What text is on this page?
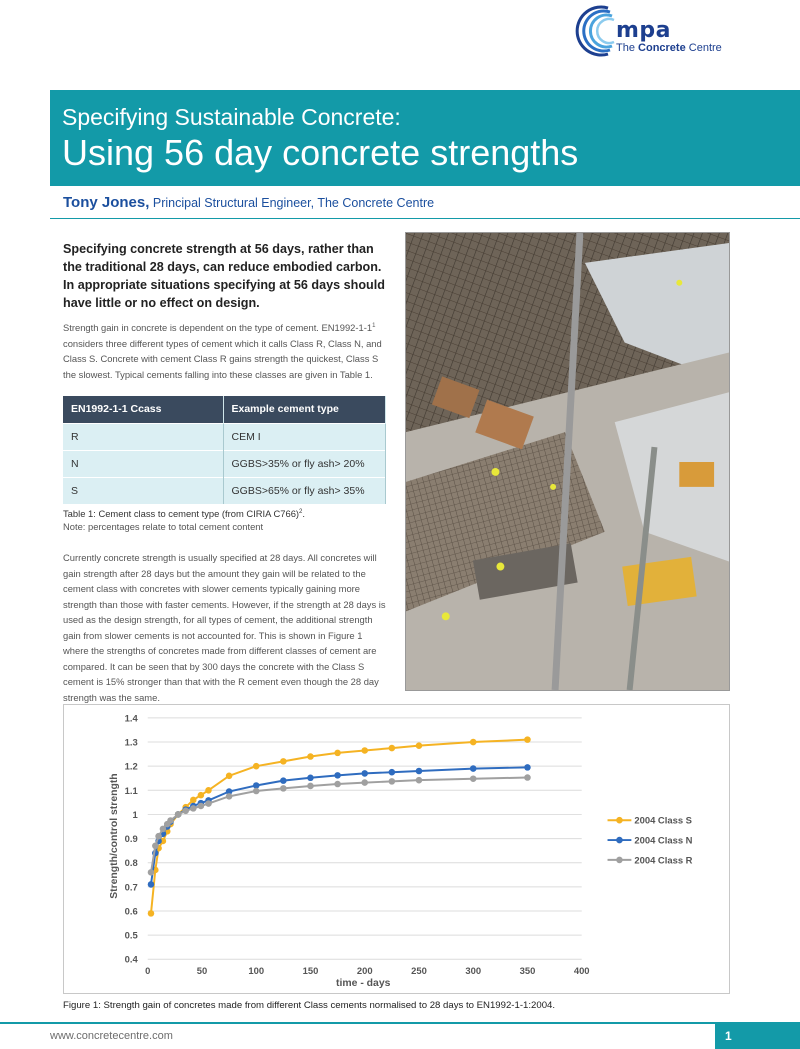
mpa
The Concrete Centre
Specifying Sustainable Concrete:
Using 56 day concrete strengths
Tony Jones, Principal Structural Engineer, The Concrete Centre
Specifying concrete strength at 56 days, rather than the traditional 28 days, can reduce embodied carbon. In appropriate situations specifying at 56 days should have little or no effect on design.
Strength gain in concrete is dependent on the type of cement. $EN1992-1-1^1$ considers three different types of cement which it calls Class R, Class N, and Class S. Concrete with cement Class R gains strength the quickest, Class S the slowest. Typical cements falling into these classes are given in Table 1.
EN1992-1-1 Ccass	Example cement type
R	CEM I
N	GGBS>35% or fly ash> 20%
S	GGBS>65% or fly ash> 35%
Table 1: Cement class to cement type (from CIRIA C766)$^2$.
Note: percentages relate to total cement content
Currently concrete strength is usually specified at 28 days. All concretes will gain strength after 28 days but the amount they gain will be related to the cement class with concretes with slower cements typically gaining more strength than those with faster cements. However, if the strength at 28 days is used as the design strength, for all types of cement, the additional strength gain from slower cements is not accounted for. This is shown in Figure 1 where the strengths of concretes made from different classes of cement are compared. It can be seen that by 300 days the concrete with the Class S cement is 15% stronger than that with the R cement even though the 28 day strength was the same.
0	50	100	150	200	250	300	350	400
0.4
0.5
0.6
0.7
0.8
0.9
1
1.1
1.2
1.3
1.4
2004 Class S
2004 Class N
2004 Class R
time - days
Strength/control strength
Figure 1: Strength gain of concretes made from different Class cements normalised to 28 days to EN1992-1-1:2004.
www.concretecentre.com	1
